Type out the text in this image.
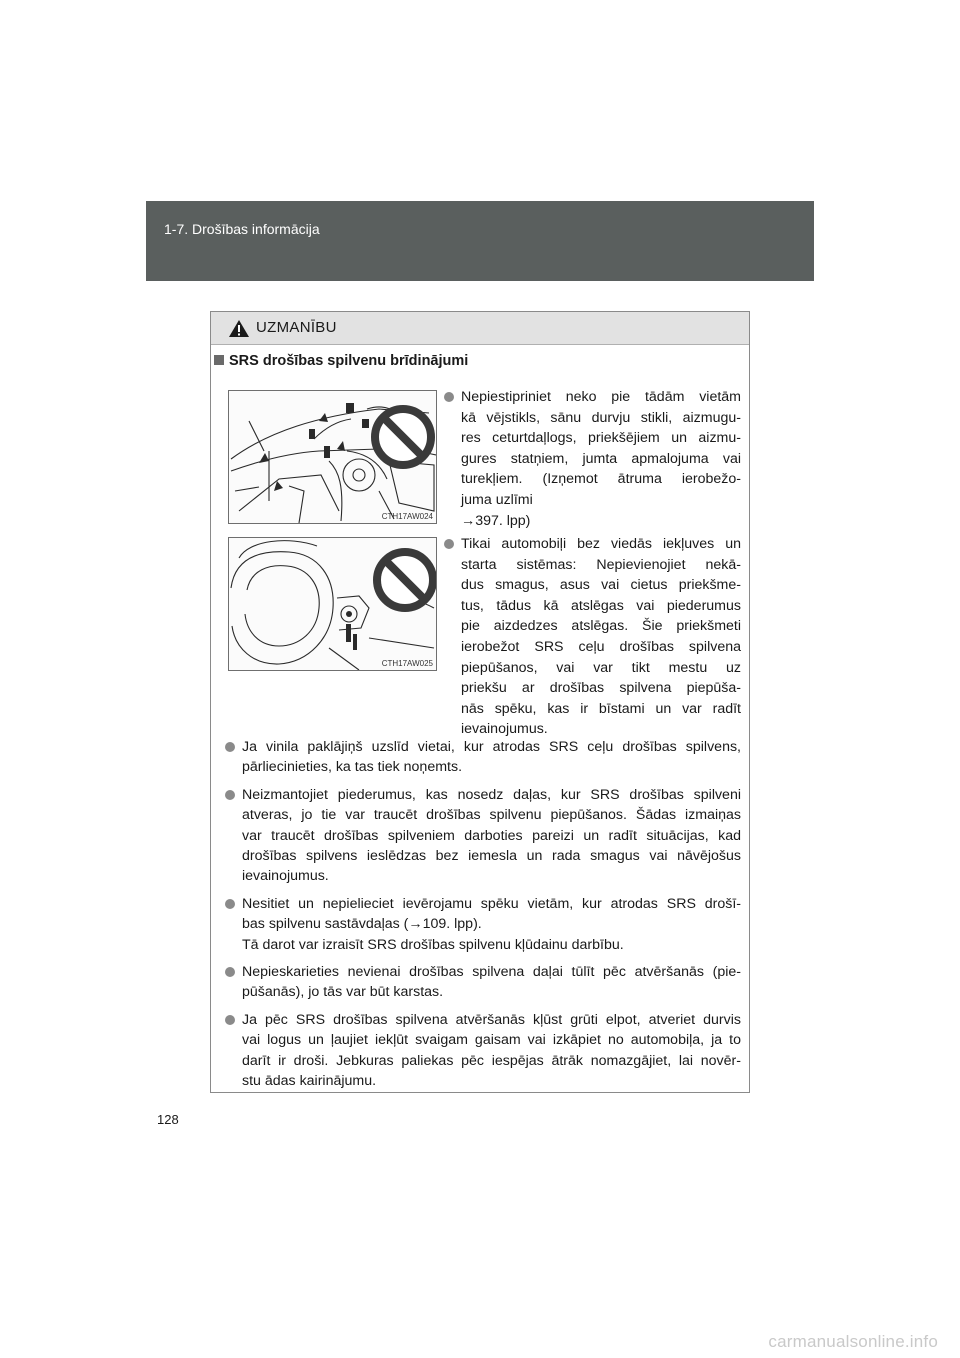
1-7. Drošības informācija
UZMANĪBU
SRS drošības spilvenu brīdinājumi
CTH17AW024
CTH17AW025
Nepiestipriniet neko pie tādām vietām
kā vējstikls, sānu durvju stikli, aizmugu-
res ceturtdaļlogs, priekšējiem un aizmu-
gures statņiem, jumta apmalojuma vai
turekļiem. (Izņemot ātruma ierobežo-
juma uzlīmi
→397. lpp)
Tikai automobiļi bez viedās iekļuves un
starta sistēmas: Nepievienojiet nekā-
dus smagus, asus vai cietus priekšme-
tus, tādus kā atslēgas vai piederumus
pie aizdedzes atslēgas. Šie priekšmeti
ierobežot SRS ceļu drošības spilvena
piepūšanos, vai var tikt mestu uz
priekšu ar drošības spilvena piepūša-
nās spēku, kas ir bīstami un var radīt
ievainojumus.
Ja vinila paklājiņš uzslīd vietai, kur atrodas SRS ceļu drošības spilvens,
pārliecinieties, ka tas tiek noņemts.
Neizmantojiet piederumus, kas nosedz daļas, kur SRS drošības spilveni
atveras, jo tie var traucēt drošības spilvenu piepūšanos. Šādas izmaiņas
var traucēt drošības spilveniem darboties pareizi un radīt situācijas, kad
drošības spilvens ieslēdzas bez iemesla un rada smagus vai nāvējošus
ievainojumus.
Nesitiet un nepielieciet ievērojamu spēku vietām, kur atrodas SRS drošī-
bas spilvenu sastāvdaļas (→109. lpp).
Tā darot var izraisīt SRS drošības spilvenu kļūdainu darbību.
Nepieskarieties nevienai drošības spilvena daļai tūlīt pēc atvēršanās (pie-
pūšanās), jo tās var būt karstas.
Ja pēc SRS drošības spilvena atvēršanās kļūst grūti elpot, atveriet durvis
vai logus un ļaujiet iekļūt svaigam gaisam vai izkāpiet no automobiļa, ja to
darīt ir droši. Jebkuras paliekas pēc iespējas ātrāk nomazgājiet, lai novēr-
stu ādas kairinājumu.
128
carmanualsonline.info
